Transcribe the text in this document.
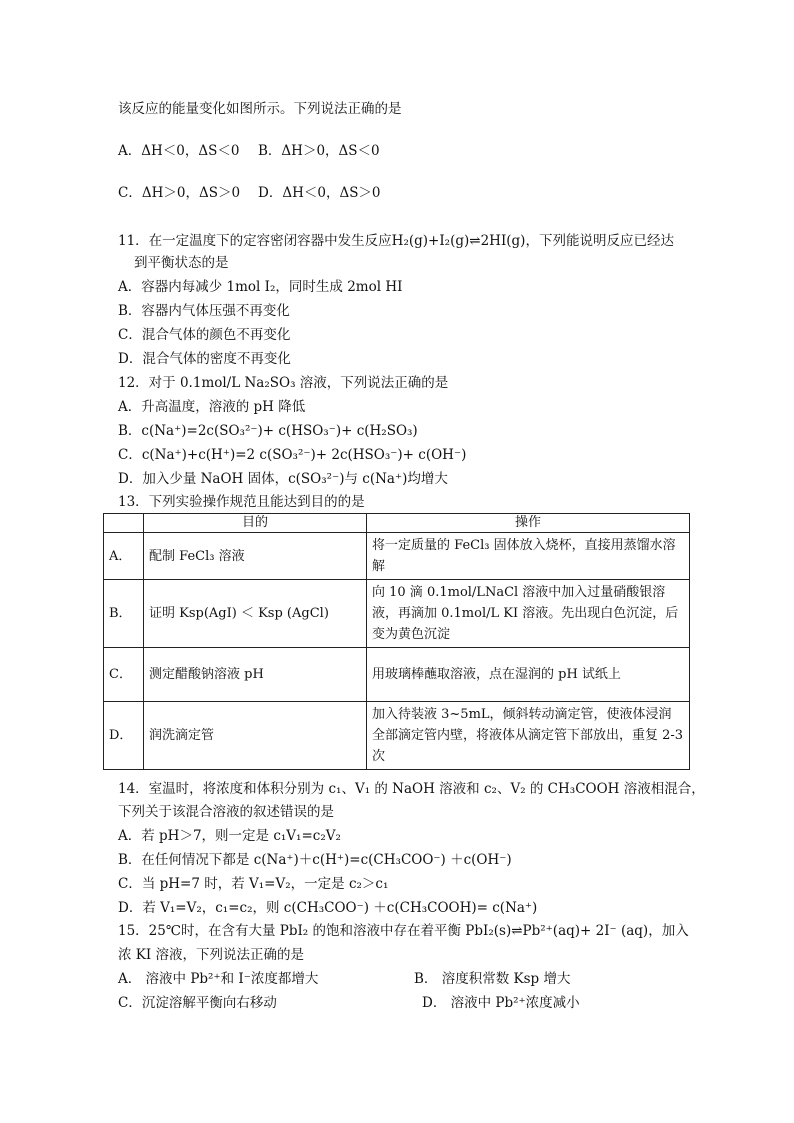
该反应的能量变化如图所示。下列说法正确的是
A．ΔH＜0，ΔS＜0 B．ΔH＞0，ΔS＜0
C．ΔH＞0，ΔS＞0 D．ΔH＜0，ΔS＞0
11．在一定温度下的定容密闭容器中发生反应H₂(g)+I₂(g)⇌2HI(g)，下列能说明反应已经达
到平衡状态的是
A．容器内每减少 1mol I₂，同时生成 2mol HI
B．容器内气体压强不再变化
C．混合气体的颜色不再变化
D．混合气体的密度不再变化
12．对于 0.1mol/L Na₂SO₃ 溶液，下列说法正确的是
A．升高温度，溶液的 pH 降低
B．c(Na⁺)=2c(SO₃²⁻)+ c(HSO₃⁻)+ c(H₂SO₃)
C．c(Na⁺)+c(H⁺)=2 c(SO₃²⁻)+ 2c(HSO₃⁻)+ c(OH⁻)
D．加入少量 NaOH 固体，c(SO₃²⁻)与 c(Na⁺)均增大
13．下列实验操作规范且能达到目的的是
	目的	操作
A．	配制 FeCl₃ 溶液	将一定质量的 FeCl₃ 固体放入烧杯，直接用蒸馏水溶解
B．	证明 Ksp(AgI) ＜ Ksp (AgCl)	向 10 滴 0.1mol/LNaCl 溶液中加入过量硝酸银溶液，再滴加 0.1mol/L KI 溶液。先出现白色沉淀，后变为黄色沉淀
C．	测定醋酸钠溶液 pH	用玻璃棒蘸取溶液，点在湿润的 pH 试纸上
D．	润洗滴定管	加入待装液 3~5mL，倾斜转动滴定管，使液体浸润全部滴定管内壁，将液体从滴定管下部放出，重复 2-3 次
14．室温时，将浓度和体积分别为 c₁、V₁ 的 NaOH 溶液和 c₂、V₂ 的 CH₃COOH 溶液相混合，
下列关于该混合溶液的叙述错误的是
A．若 pH＞7，则一定是 c₁V₁=c₂V₂
B．在任何情况下都是 c(Na⁺)＋c(H⁺)=c(CH₃COO⁻) ＋c(OH⁻)
C．当 pH=7 时，若 V₁=V₂，一定是 c₂＞c₁
D．若 V₁=V₂，c₁=c₂，则 c(CH₃COO⁻) ＋c(CH₃COOH)= c(Na⁺)
15．25℃时，在含有大量 PbI₂ 的饱和溶液中存在着平衡 PbI₂(s)⇌Pb²⁺(aq)+ 2I⁻ (aq)，加入
浓 KI 溶液，下列说法正确的是
A． 溶液中 Pb²⁺和 I⁻浓度都增大	B． 溶度积常数 Ksp 增大
C．沉淀溶解平衡向右移动	D． 溶液中 Pb²⁺浓度减小
